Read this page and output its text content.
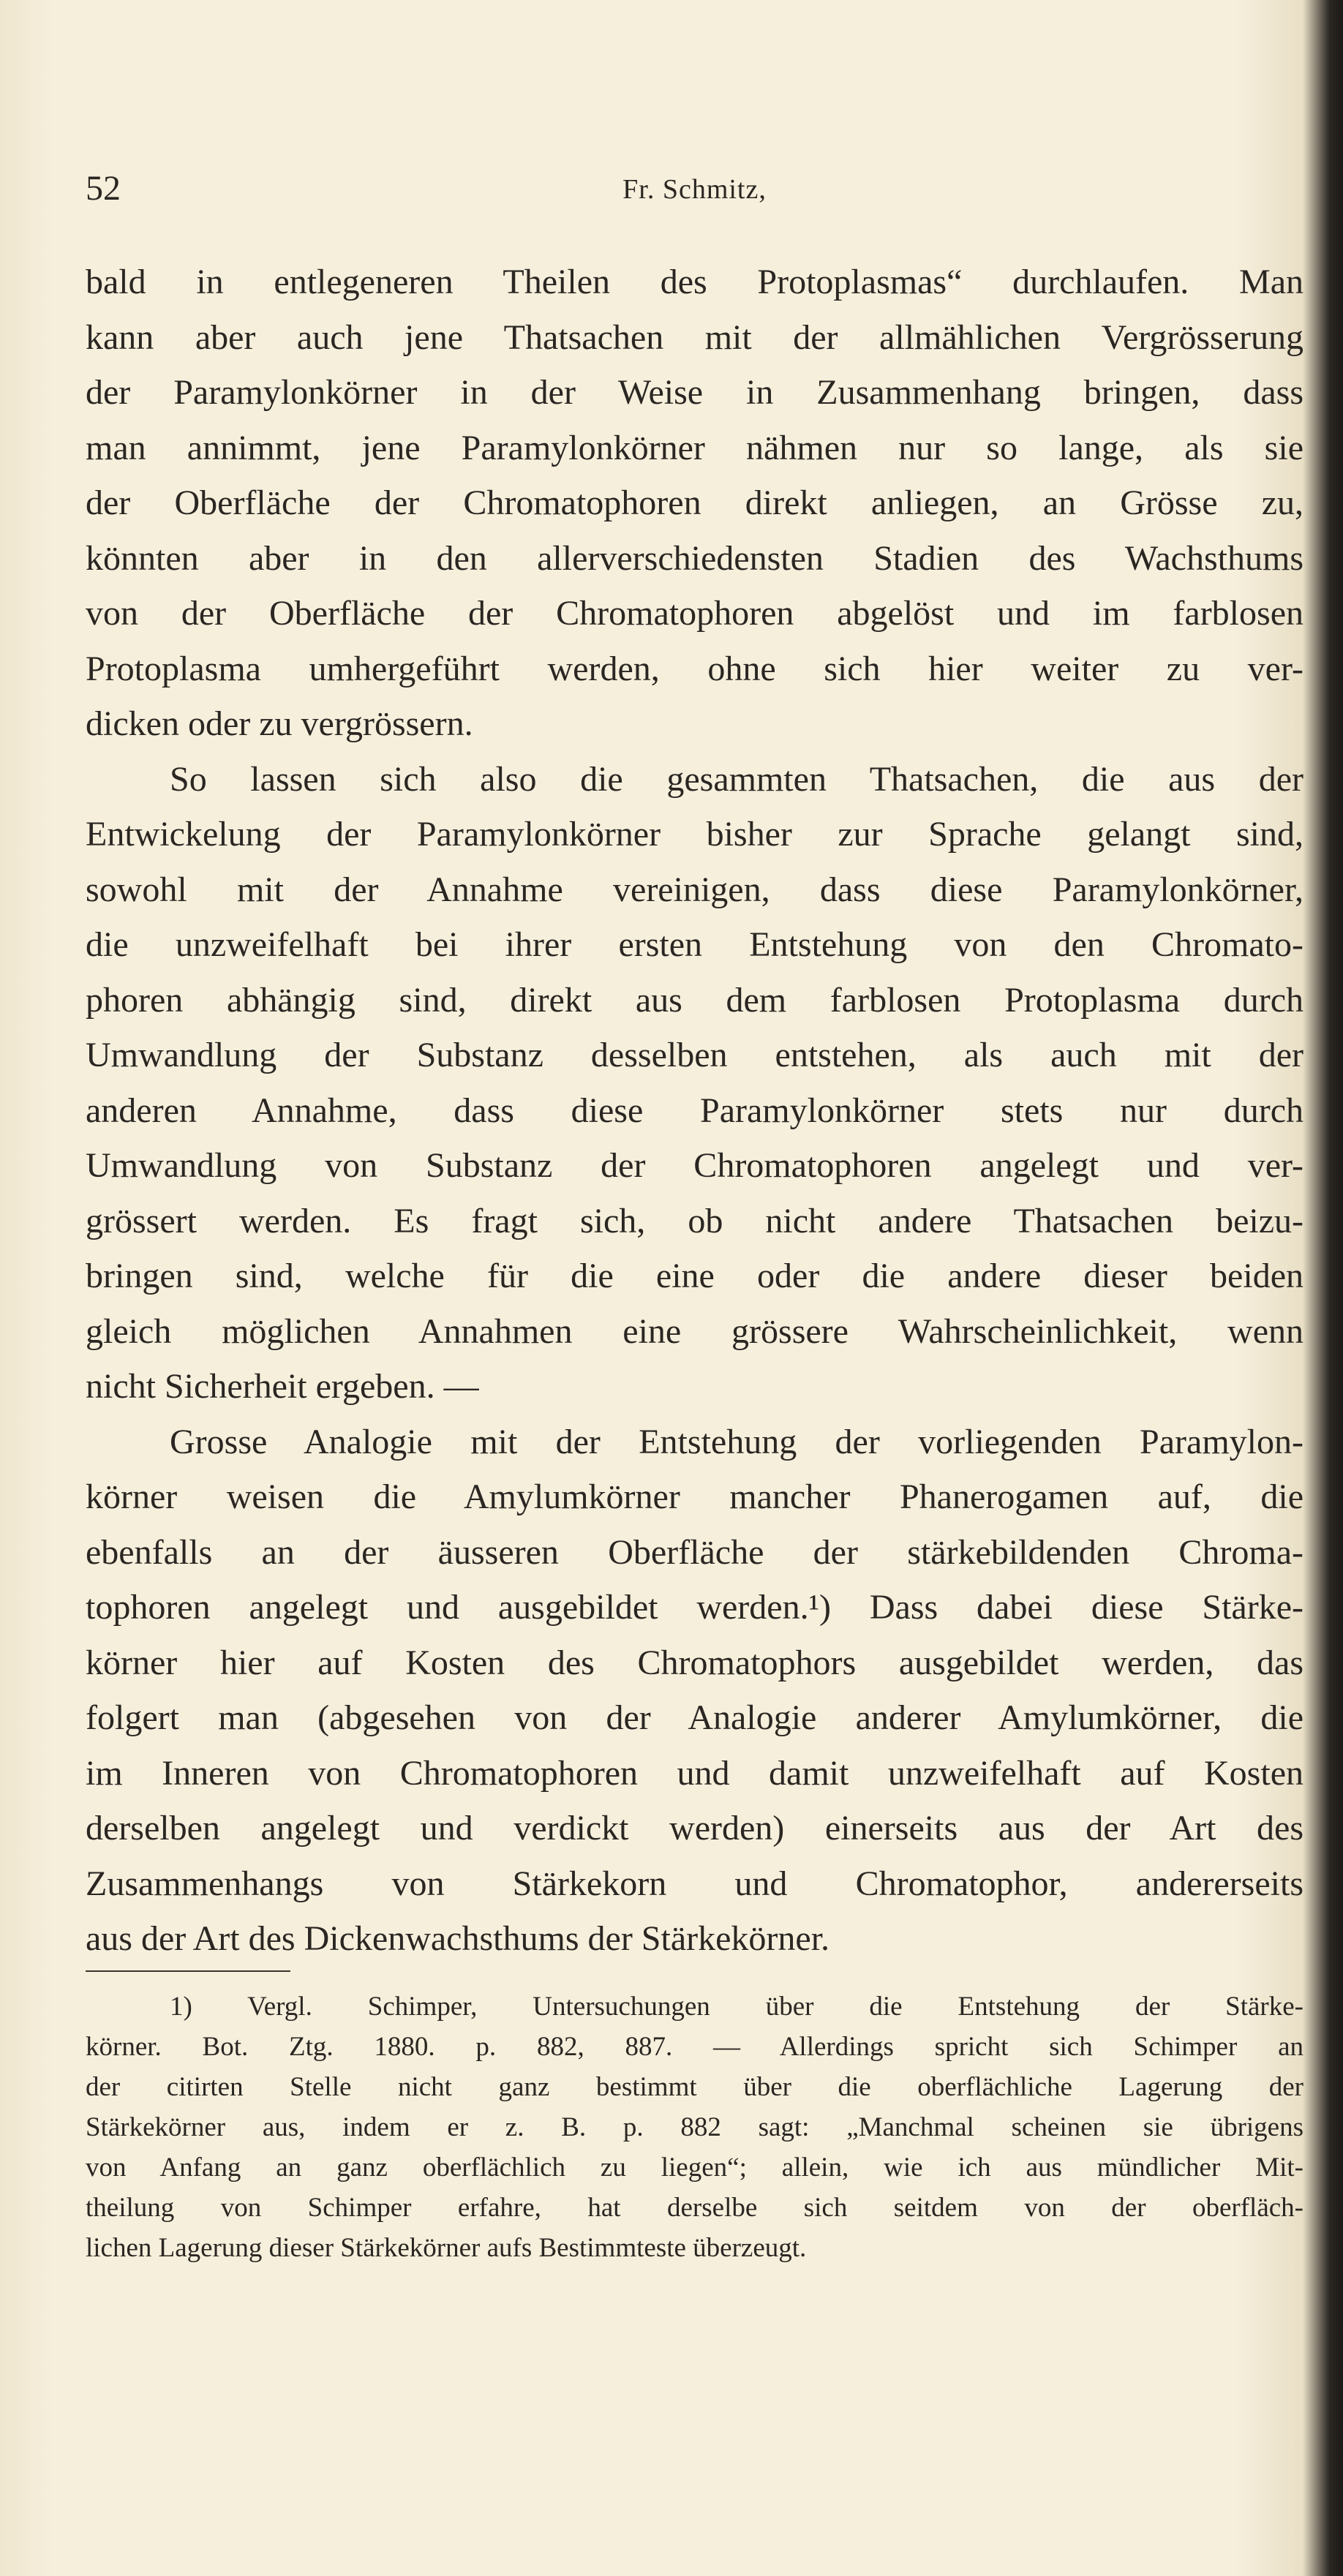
52	Fr. Schmitz,
bald in entlegeneren Theilen des Protoplasmas“ durchlaufen. Man
kann aber auch jene Thatsachen mit der allmählichen Vergrösserung
der Paramylonkörner in der Weise in Zusammenhang bringen, dass
man annimmt, jene Paramylonkörner nähmen nur so lange, als sie
der Oberfläche der Chromatophoren direkt anliegen, an Grösse zu,
könnten aber in den allerverschiedensten Stadien des Wachsthums
von der Oberfläche der Chromatophoren abgelöst und im farblosen
Protoplasma umhergeführt werden, ohne sich hier weiter zu ver-
dicken oder zu vergrössern.
So lassen sich also die gesammten Thatsachen, die aus der
Entwickelung der Paramylonkörner bisher zur Sprache gelangt sind,
sowohl mit der Annahme vereinigen, dass diese Paramylonkörner,
die unzweifelhaft bei ihrer ersten Entstehung von den Chromato-
phoren abhängig sind, direkt aus dem farblosen Protoplasma durch
Umwandlung der Substanz desselben entstehen, als auch mit der
anderen Annahme, dass diese Paramylonkörner stets nur durch
Umwandlung von Substanz der Chromatophoren angelegt und ver-
grössert werden. Es fragt sich, ob nicht andere Thatsachen beizu-
bringen sind, welche für die eine oder die andere dieser beiden
gleich möglichen Annahmen eine grössere Wahrscheinlichkeit, wenn
nicht Sicherheit ergeben. —
Grosse Analogie mit der Entstehung der vorliegenden Paramylon-
körner weisen die Amylumkörner mancher Phanerogamen auf, die
ebenfalls an der äusseren Oberfläche der stärkebildenden Chroma-
tophoren angelegt und ausgebildet werden.¹) Dass dabei diese Stärke-
körner hier auf Kosten des Chromatophors ausgebildet werden, das
folgert man (abgesehen von der Analogie anderer Amylumkörner, die
im Inneren von Chromatophoren und damit unzweifelhaft auf Kosten
derselben angelegt und verdickt werden) einerseits aus der Art des
Zusammenhangs von Stärkekorn und Chromatophor, andererseits
aus der Art des Dickenwachsthums der Stärkekörner.
1) Vergl. Schimper, Untersuchungen über die Entstehung der Stärke-
körner. Bot. Ztg. 1880. p. 882, 887. — Allerdings spricht sich Schimper an
der citirten Stelle nicht ganz bestimmt über die oberflächliche Lagerung der
Stärkekörner aus, indem er z. B. p. 882 sagt: „Manchmal scheinen sie übrigens
von Anfang an ganz oberflächlich zu liegen“; allein, wie ich aus mündlicher Mit-
theilung von Schimper erfahre, hat derselbe sich seitdem von der oberfläch-
lichen Lagerung dieser Stärkekörner aufs Bestimmteste überzeugt.
